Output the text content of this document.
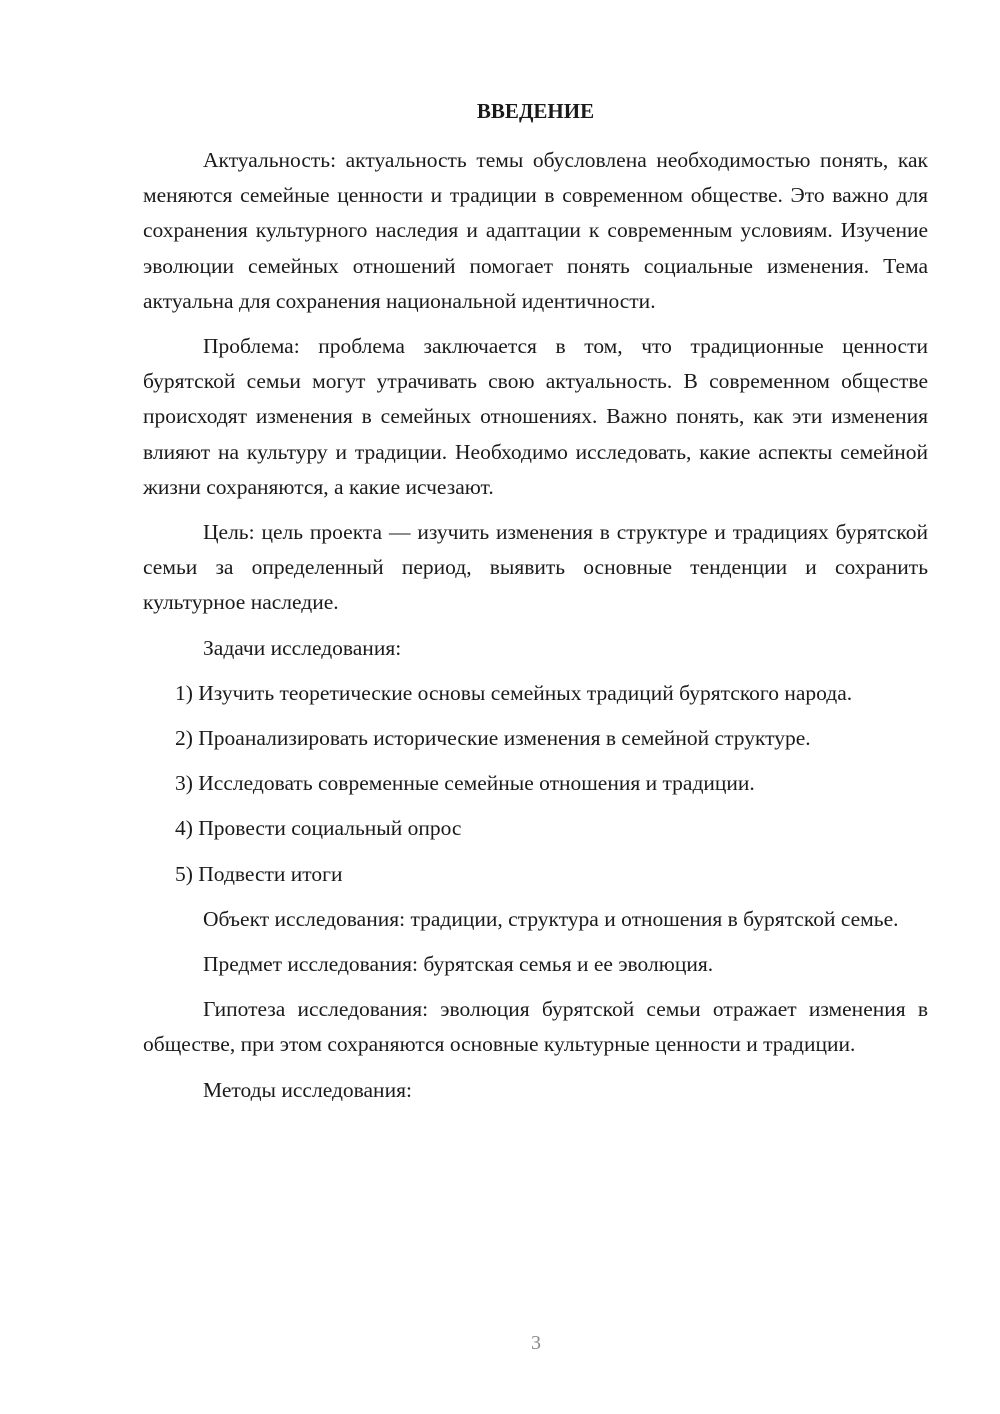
ВВЕДЕНИЕ

Актуальность: актуальность темы обусловлена необходимостью понять, как меняются семейные ценности и традиции в современном обществе. Это важно для сохранения культурного наследия и адаптации к современным условиям. Изучение эволюции семейных отношений помогает понять социальные изменения. Тема актуальна для сохранения национальной идентичности.

Проблема: проблема заключается в том, что традиционные ценности бурятской семьи могут утрачивать свою актуальность. В современном обществе происходят изменения в семейных отношениях. Важно понять, как эти изменения влияют на культуру и традиции. Необходимо исследовать, какие аспекты семейной жизни сохраняются, а какие исчезают.

Цель: цель проекта — изучить изменения в структуре и традициях бурятской семьи за определенный период, выявить основные тенденции и сохранить культурное наследие.

Задачи исследования:

1) Изучить теоретические основы семейных традиций бурятского народа.

2) Проанализировать исторические изменения в семейной структуре.

3) Исследовать современные семейные отношения и традиции.

4) Провести социальный опрос

5) Подвести итоги

Объект исследования: традиции, структура и отношения в бурятской семье.

Предмет исследования: бурятская семья и ее эволюция.

Гипотеза исследования: эволюция бурятской семьи отражает изменения в обществе, при этом сохраняются основные культурные ценности и традиции.

Методы исследования:

3
